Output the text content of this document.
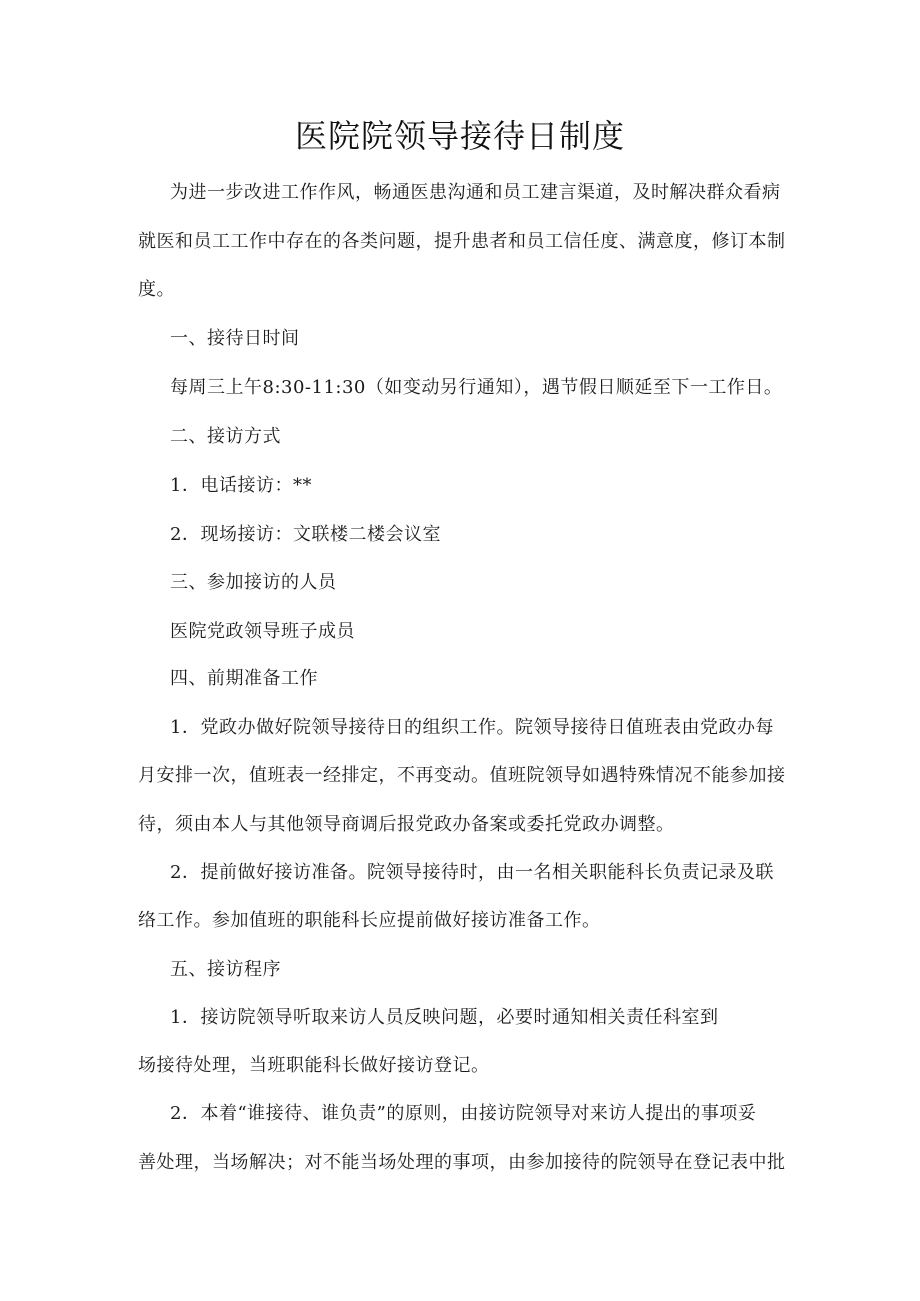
医院院领导接待日制度

为进一步改进工作作风，畅通医患沟通和员工建言渠道，及时解决群众看病

就医和员工工作中存在的各类问题，提升患者和员工信任度、满意度，修订本制

度。

一、接待日时间

每周三上午8:30-11:30（如变动另行通知），遇节假日顺延至下一工作日。

二、接访方式

1．电话接访：**

2．现场接访：文联楼二楼会议室

三、参加接访的人员

医院党政领导班子成员

四、前期准备工作

1．党政办做好院领导接待日的组织工作。院领导接待日值班表由党政办每

月安排一次，值班表一经排定，不再变动。值班院领导如遇特殊情况不能参加接

待，须由本人与其他领导商调后报党政办备案或委托党政办调整。

2．提前做好接访准备。院领导接待时，由一名相关职能科长负责记录及联

络工作。参加值班的职能科长应提前做好接访准备工作。

五、接访程序

1．接访院领导听取来访人员反映问题，必要时通知相关责任科室到

场接待处理，当班职能科长做好接访登记。

2．本着“谁接待、谁负责”的原则，由接访院领导对来访人提出的事项妥

善处理，当场解决；对不能当场处理的事项，由参加接待的院领导在登记表中批
